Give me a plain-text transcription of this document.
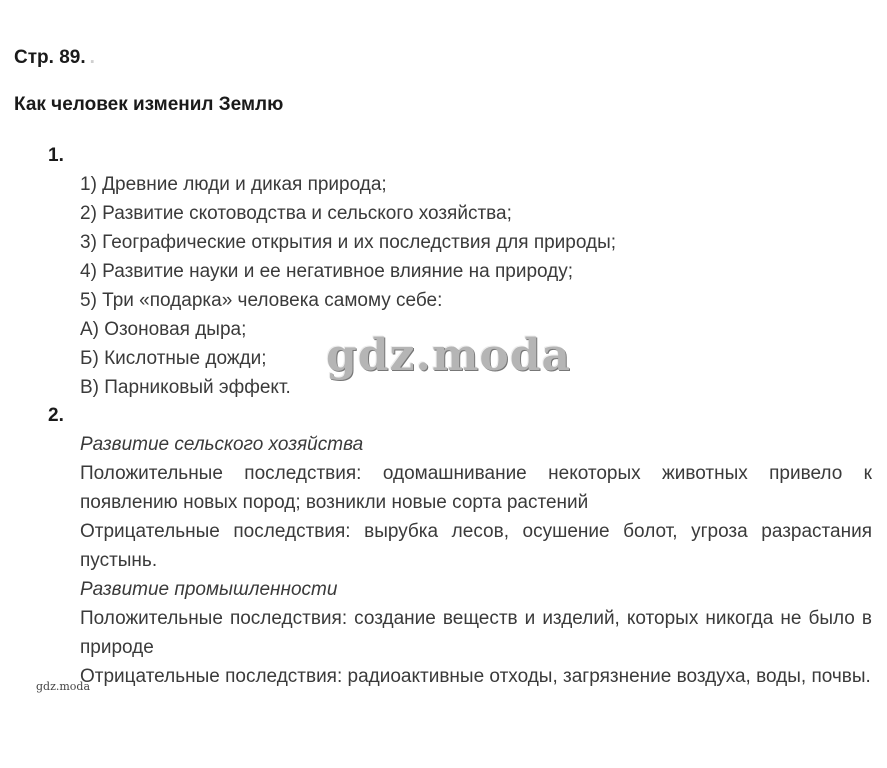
Стр. 89. .
Как человек изменил Землю
1.
1) Древние люди и дикая природа;
2) Развитие скотоводства и сельского хозяйства;
3) Географические открытия и их последствия для природы;
4) Развитие науки и ее негативное влияние на природу;
5) Три «подарка» человека самому себе:
А) Озоновая дыра;
Б) Кислотные дожди;
В) Парниковый эффект.
2.
Развитие сельского хозяйства
Положительные последствия: одомашнивание некоторых животных привело к появлению новых пород; возникли новые сорта растений
Отрицательные последствия: вырубка лесов, осушение болот, угроза разрастания пустынь.
Развитие промышленности
Положительные последствия: создание веществ и изделий, которых никогда не было в природе
Отрицательные последствия: радиоактивные отходы, загрязнение воздуха, воды, почвы.
gdz.moda
gdz.moda
